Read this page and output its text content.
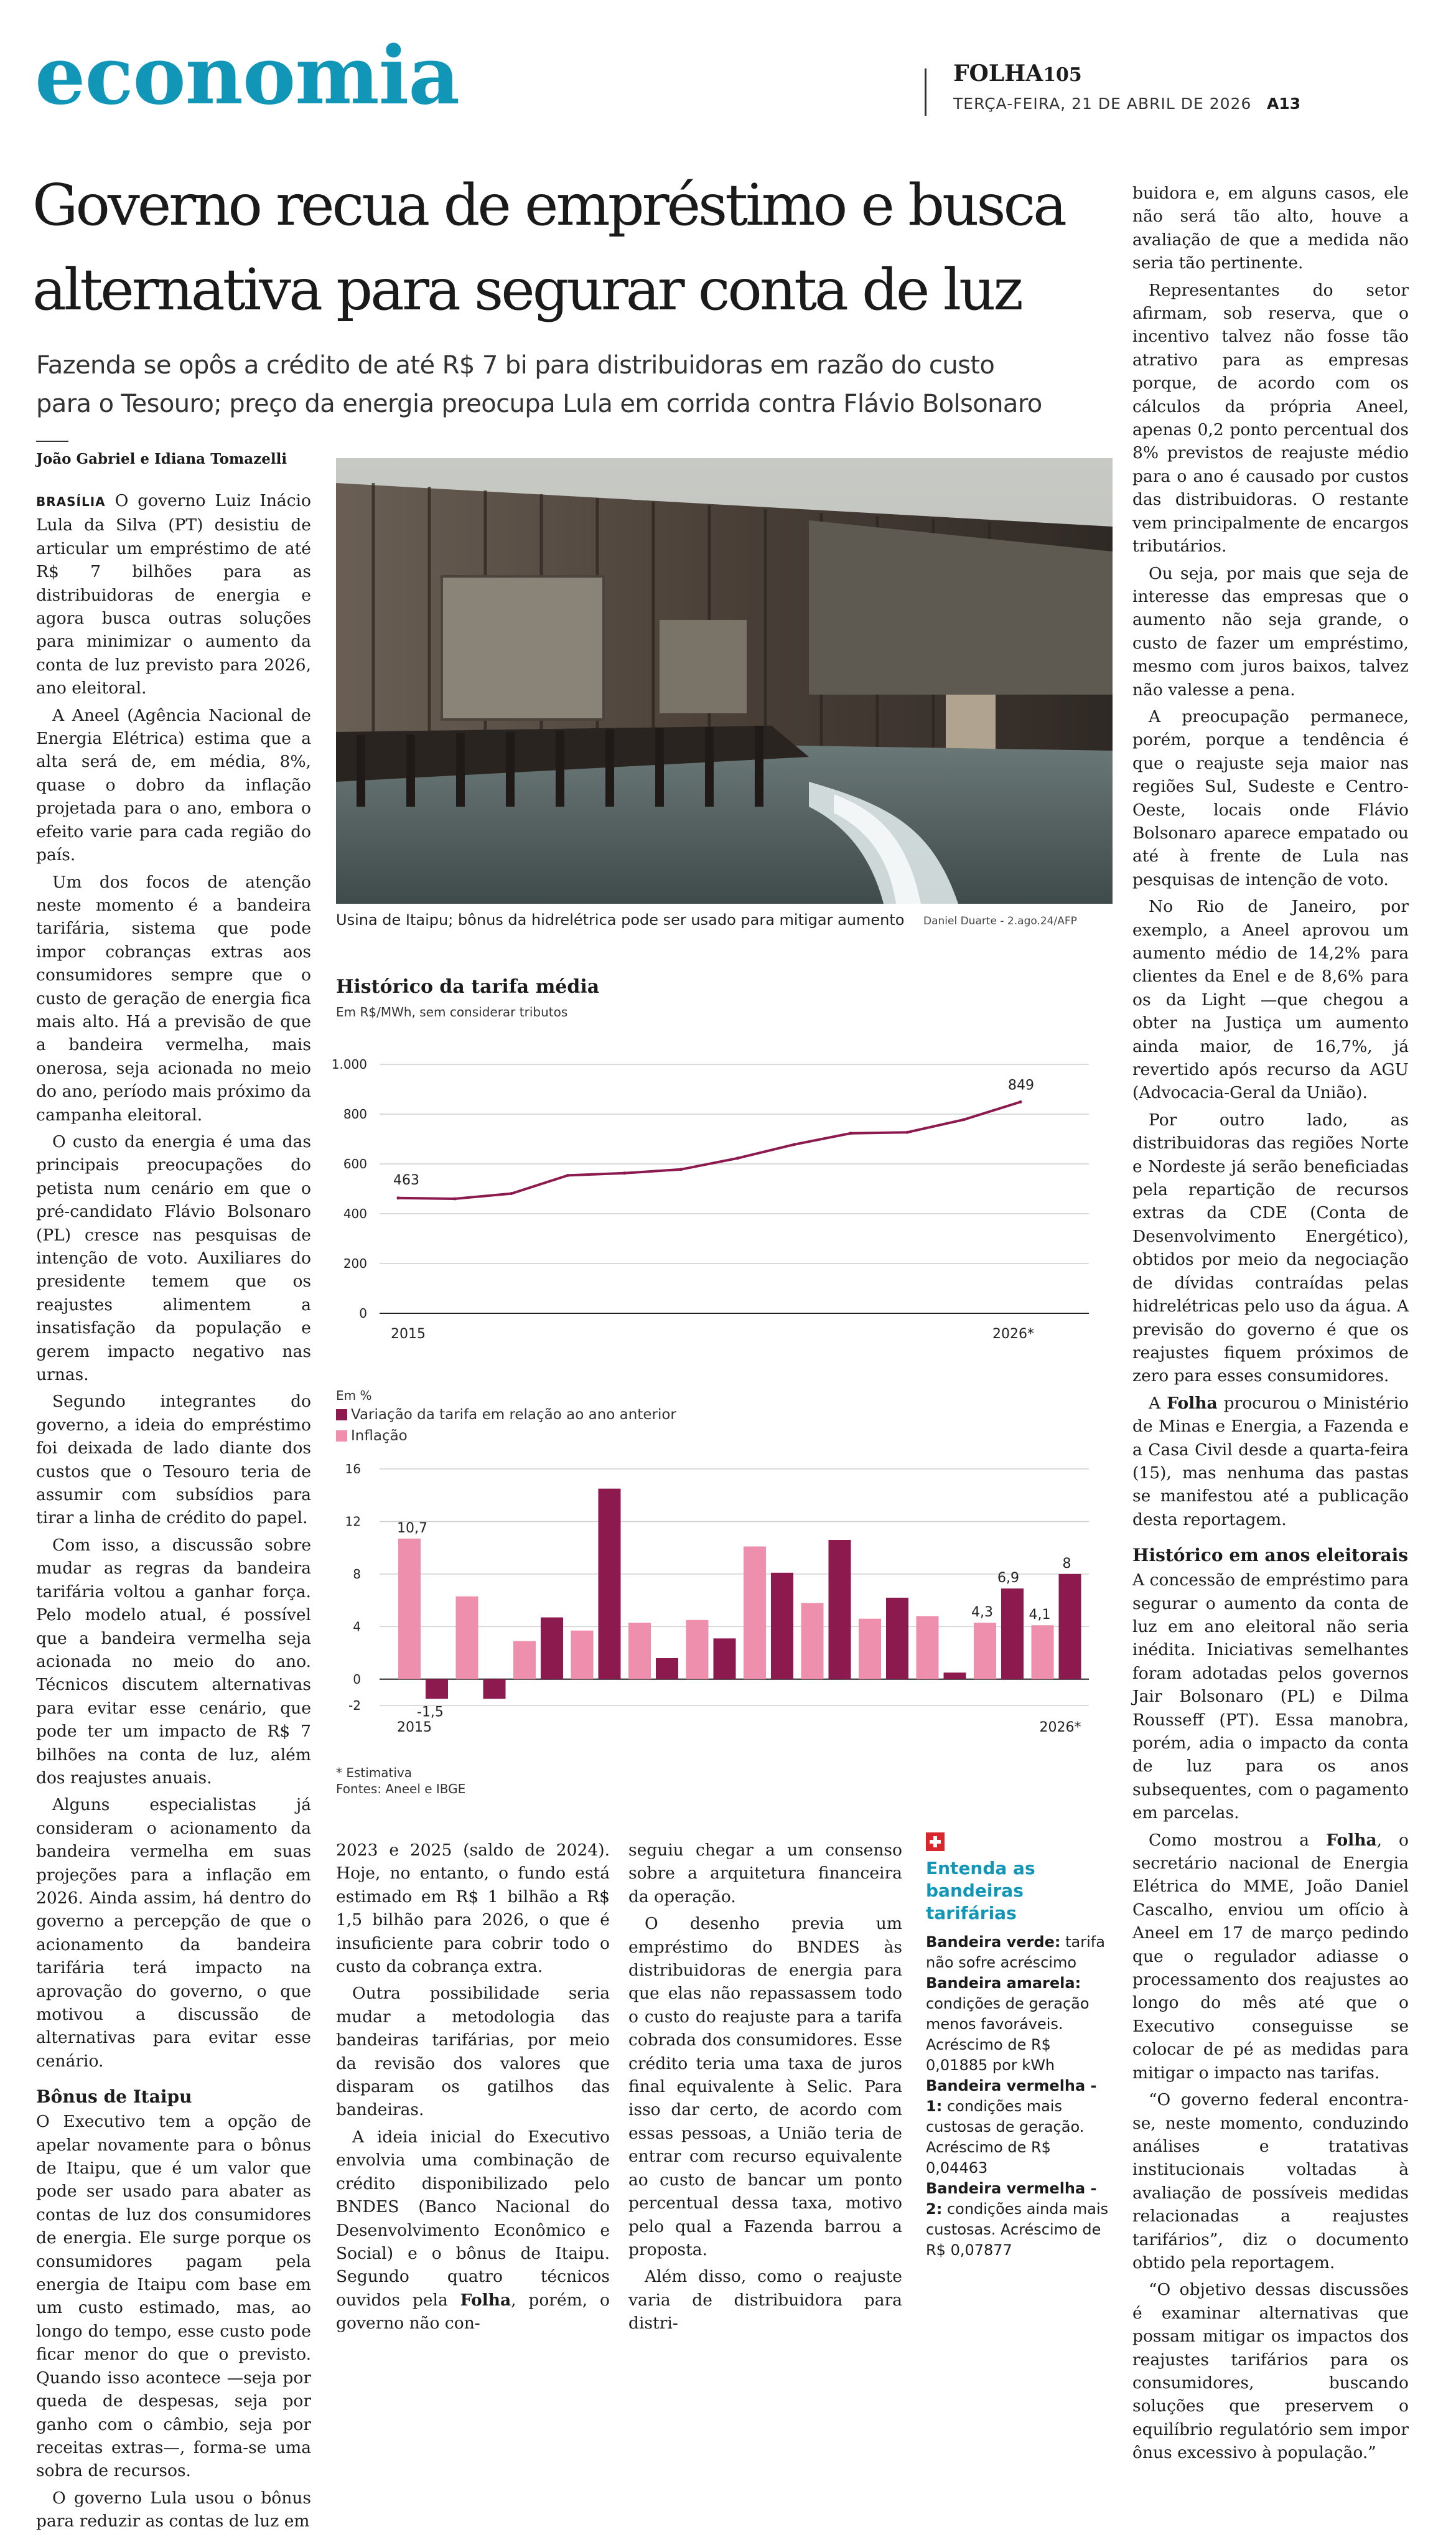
economia	FOLHA105
TERÇA-FEIRA, 21 DE ABRIL DE 2026 A13
Governo recua de empréstimo e busca
alternativa para segurar conta de luz
Fazenda se opôs a crédito de até R$ 7 bi para distribuidoras em razão do custo
para o Tesouro; preço da energia preocupa Lula em corrida contra Flávio Bolsonaro
João Gabriel e Idiana Tomazelli

BRASÍLIA O governo Luiz Inácio Lula da Silva (PT) desistiu de articular um empréstimo de até R$ 7 bilhões para as distribuidoras de energia e agora busca outras soluções para minimizar o aumento da conta de luz previsto para 2026, ano eleitoral.

A Aneel (Agência Nacional de Energia Elétrica) estima que a alta será de, em média, 8%, quase o dobro da inflação projetada para o ano, embora o efeito varie para cada região do país.

Um dos focos de atenção neste momento é a bandeira tarifária, sistema que pode impor cobranças extras aos consumidores sempre que o custo de geração de energia fica mais alto. Há a previsão de que a bandeira vermelha, mais onerosa, seja acionada no meio do ano, período mais próximo da campanha eleitoral.

O custo da energia é uma das principais preocupações do petista num cenário em que o pré-candidato Flávio Bolsonaro (PL) cresce nas pesquisas de intenção de voto. Auxiliares do presidente temem que os reajustes alimentem a insatisfação da população e gerem impacto negativo nas urnas.

Segundo integrantes do governo, a ideia do empréstimo foi deixada de lado diante dos custos que o Tesouro teria de assumir com subsídios para tirar a linha de crédito do papel.

Com isso, a discussão sobre mudar as regras da bandeira tarifária voltou a ganhar força. Pelo modelo atual, é possível que a bandeira vermelha seja acionada no meio do ano. Técnicos discutem alternativas para evitar esse cenário, que pode ter um impacto de R$ 7 bilhões na conta de luz, além dos reajustes anuais.

Alguns especialistas já consideram o acionamento da bandeira vermelha em suas projeções para a inflação em 2026. Ainda assim, há dentro do governo a percepção de que o acionamento da bandeira tarifária terá impacto na aprovação do governo, o que motivou a discussão de alternativas para evitar esse cenário.

Bônus de Itaipu

O Executivo tem a opção de apelar novamente para o bônus de Itaipu, que é um valor que pode ser usado para abater as contas de luz dos consumidores de energia. Ele surge porque os consumidores pagam pela energia de Itaipu com base em um custo estimado, mas, ao longo do tempo, esse custo pode ficar menor do que o previsto. Quando isso acontece —seja por queda de despesas, seja por ganho com o câmbio, seja por receitas extras—, forma-se uma sobra de recursos.

O governo Lula usou o bônus para reduzir as contas de luz em

Usina de Itaipu; bônus da hidrelétrica pode ser usado para mitigar aumento Daniel Duarte - 2.ago.24/AFP
Histórico da tarifa média
Em R$/MWh, sem considerar tributos
1.000
800
600
400
200
0
463
849
2015	2026*
Em %
Variação da tarifa em relação ao ano anterior
Inflação
16
12
8
4
0
-2
10,7
-1,5
4,3
6,9
4,1
8
2015	2026*
* Estimativa
Fontes: Aneel e IBGE

2023 e 2025 (saldo de 2024). Hoje, no entanto, o fundo está estimado em R$ 1 bilhão a R$ 1,5 bilhão para 2026, o que é insuficiente para cobrir todo o custo da cobrança extra.

Outra possibilidade seria mudar a metodologia das bandeiras tarifárias, por meio da revisão dos valores que disparam os gatilhos das bandeiras.

A ideia inicial do Executivo envolvia uma combinação de crédito disponibilizado pelo BNDES (Banco Nacional do Desenvolvimento Econômico e Social) e o bônus de Itaipu. Segundo quatro técnicos ouvidos pela Folha, porém, o governo não con-

seguiu chegar a um consenso sobre a arquitetura financeira da operação.

O desenho previa um empréstimo do BNDES às distribuidoras de energia para que elas não repassassem todo o custo do reajuste para a tarifa cobrada dos consumidores. Esse crédito teria uma taxa de juros final equivalente à Selic. Para isso dar certo, de acordo com essas pessoas, a União teria de entrar com recurso equivalente ao custo de bancar um ponto percentual dessa taxa, motivo pelo qual a Fazenda barrou a proposta.

Além disso, como o reajuste varia de distribuidora para distri-

Entenda as bandeiras tarifárias

Bandeira verde: tarifa não sofre acréscimo

Bandeira amarela: condições de geração menos favoráveis. Acréscimo de R$ 0,01885 por kWh

Bandeira vermelha - 1: condições mais custosas de geração. Acréscimo de R$ 0,04463

Bandeira vermelha - 2: condições ainda mais custosas. Acréscimo de R$ 0,07877

buidora e, em alguns casos, ele não será tão alto, houve a avaliação de que a medida não seria tão pertinente.

Representantes do setor afirmam, sob reserva, que o incentivo talvez não fosse tão atrativo para as empresas porque, de acordo com os cálculos da própria Aneel, apenas 0,2 ponto percentual dos 8% previstos de reajuste médio para o ano é causado por custos das distribuidoras. O restante vem principalmente de encargos tributários.

Ou seja, por mais que seja de interesse das empresas que o aumento não seja grande, o custo de fazer um empréstimo, mesmo com juros baixos, talvez não valesse a pena.

A preocupação permanece, porém, porque a tendência é que o reajuste seja maior nas regiões Sul, Sudeste e Centro-Oeste, locais onde Flávio Bolsonaro aparece empatado ou até à frente de Lula nas pesquisas de intenção de voto.

No Rio de Janeiro, por exemplo, a Aneel aprovou um aumento médio de 14,2% para clientes da Enel e de 8,6% para os da Light —que chegou a obter na Justiça um aumento ainda maior, de 16,7%, já revertido após recurso da AGU (Advocacia-Geral da União).

Por outro lado, as distribuidoras das regiões Norte e Nordeste já serão beneficiadas pela repartição de recursos extras da CDE (Conta de Desenvolvimento Energético), obtidos por meio da negociação de dívidas contraídas pelas hidrelétricas pelo uso da água. A previsão do governo é que os reajustes fiquem próximos de zero para esses consumidores.

A Folha procurou o Ministério de Minas e Energia, a Fazenda e a Casa Civil desde a quarta-feira (15), mas nenhuma das pastas se manifestou até a publicação desta reportagem.

Histórico em anos eleitorais

A concessão de empréstimo para segurar o aumento da conta de luz em ano eleitoral não seria inédita. Iniciativas semelhantes foram adotadas pelos governos Jair Bolsonaro (PL) e Dilma Rousseff (PT). Essa manobra, porém, adia o impacto da conta de luz para os anos subsequentes, com o pagamento em parcelas.

Como mostrou a Folha, o secretário nacional de Energia Elétrica do MME, João Daniel Cascalho, enviou um ofício à Aneel em 17 de março pedindo que o regulador adiasse o processamento dos reajustes ao longo do mês até que o Executivo conseguisse se colocar de pé as medidas para mitigar o impacto nas tarifas.

“O governo federal encontra-se, neste momento, conduzindo análises e tratativas institucionais voltadas à avaliação de possíveis medidas relacionadas a reajustes tarifários”, diz o documento obtido pela reportagem.

“O objetivo dessas discussões é examinar alternativas que possam mitigar os impactos dos reajustes tarifários para os consumidores, buscando soluções que preservem o equilíbrio regulatório sem impor ônus excessivo à população.”
